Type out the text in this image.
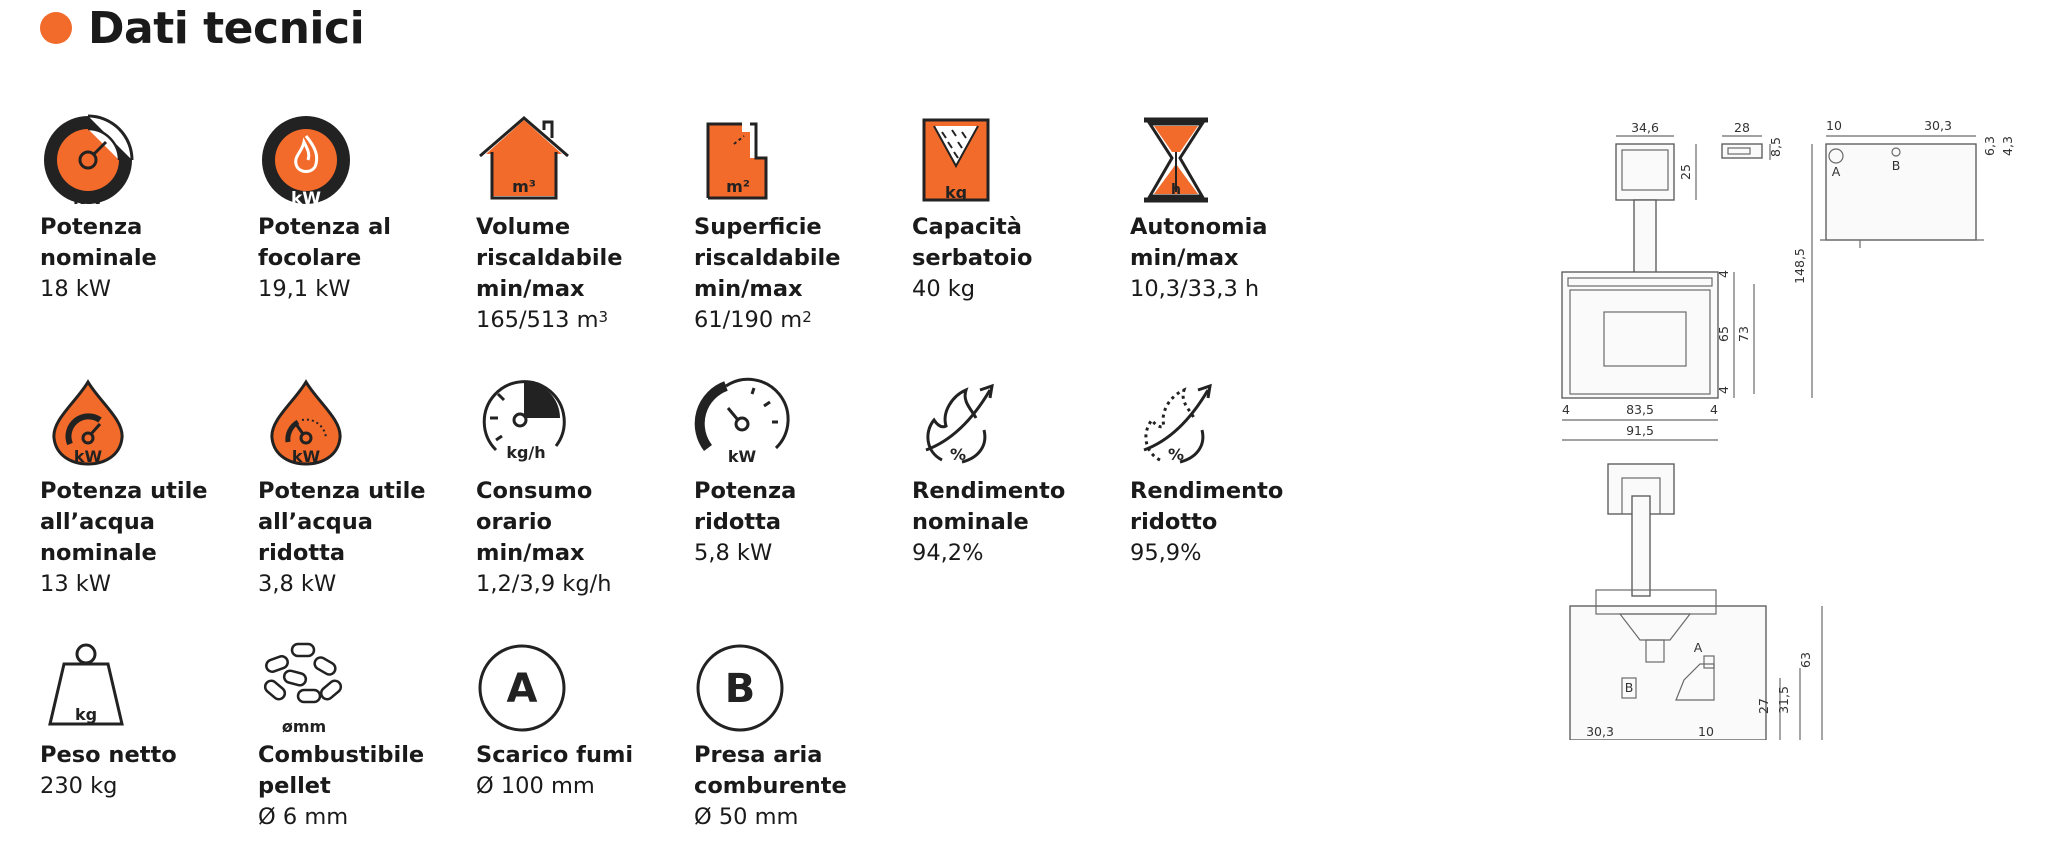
Dati tecnici
kW
Potenza
nominale
18 kW
kW
Potenza al
focolare
19,1 kW
m³
Volume
riscaldabile
min/max
165/513 $m^3$
m²
Superficie
riscaldabile
min/max
61/190 $m^2$
kg
Capacità
serbatoio
40 kg
h
Autonomia
min/max
10,3/33,3 h
kW
Potenza utile
all’acqua
nominale
13 kW
kW
Potenza utile
all’acqua
ridotta
3,8 kW
kg/h
Consumo
orario
min/max
1,2/3,9 kg/h
kW
Potenza
ridotta
5,8 kW
%
Rendimento
nominale
94,2%
%
Rendimento
ridotto
95,9%
kg
Peso netto
230 kg
ømm
Combustibile
pellet
Ø 6 mm
A
Scarico fumi
Ø 100 mm
B
Presa aria
comburente
Ø 50 mm
34,6
25
28
8,5
4
65 73
4
4	83,5	4
91,5
148,5
A	B
10	30,3
6,3 4,3
B
A
30,3	10
27 31,5
63
